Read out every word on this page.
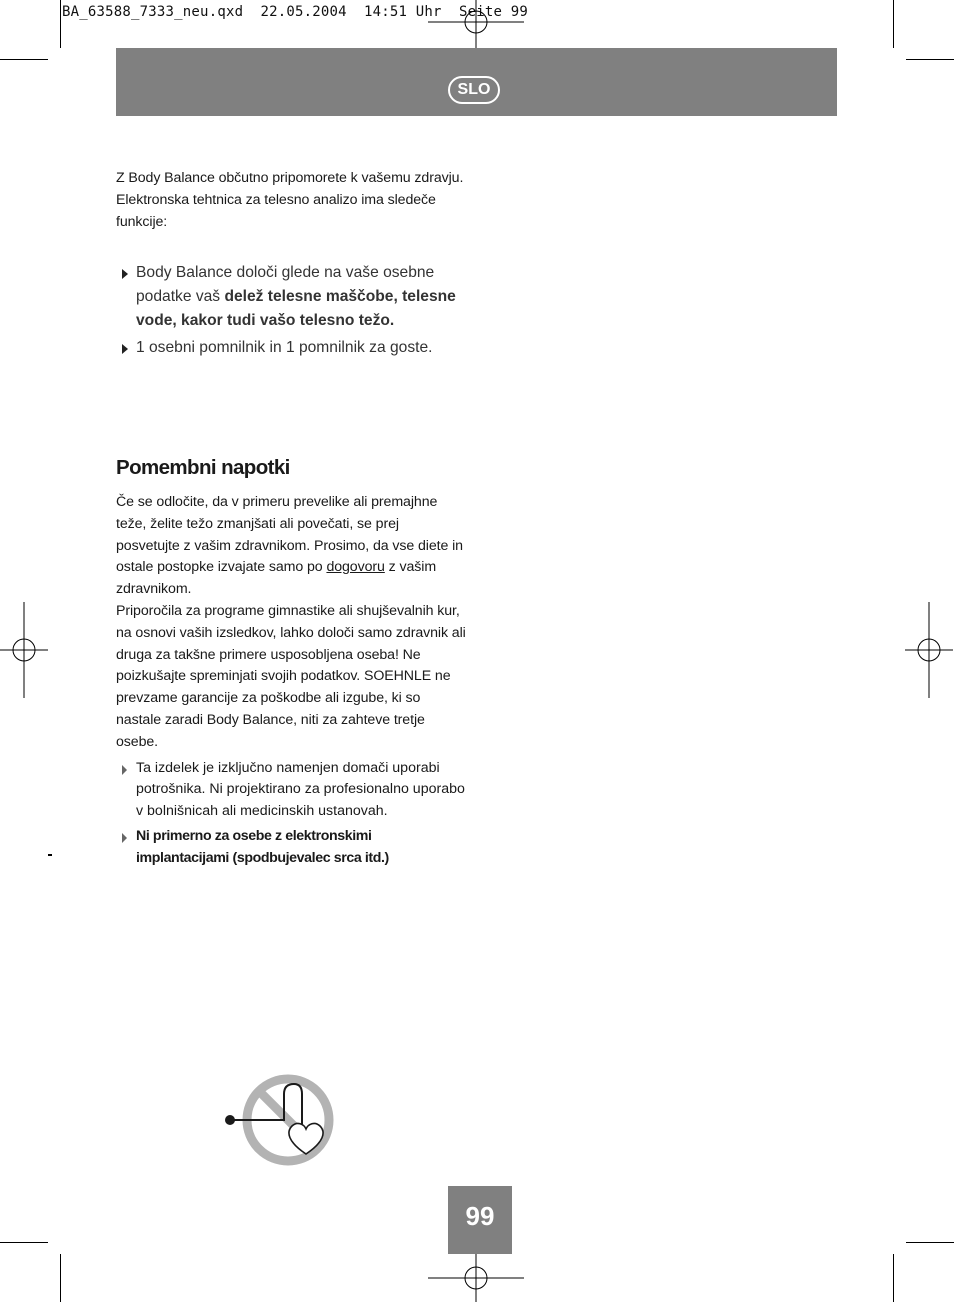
BA_63588_7333_neu.qxd 22.05.2004 14:51 Uhr Seite 99
SLO

Z Body Balance občutno pripomorete k vašemu zdravju. Elektronska tehtnica za telesno analizo ima sledeče funkcije:

Body Balance določi glede na vaše osebne podatke vaš delež telesne maščobe, telesne vode, kakor tudi vašo telesno težo.
1 osebni pomnilnik in 1 pomnilnik za goste.
Pomembni napotki

Če se odločite, da v primeru prevelike ali premajhne teže, želite težo zmanjšati ali povečati, se prej posvetujte z vašim zdravnikom. Prosimo, da vse diete in ostale postopke izvajate samo po dogovoru z vašim zdravnikom.

Priporočila za programe gimnastike ali shujševalnih kur, na osnovi vaših izsledkov, lahko določi samo zdravnik ali druga za takšne primere usposobljena oseba! Ne poizkušajte spreminjati svojih podatkov. SOEHNLE ne prevzame garancije za poškodbe ali izgube, ki so nastale zaradi Body Balance, niti za zahteve tretje osebe.

Ta izdelek je izključno namenjen domači uporabi potrošnika. Ni projektirano za profesionalno uporabo v bolnišnicah ali medicinskih ustanovah.
Ni primerno za osebe z elektronskimi implantacijami (spodbujevalec srca itd.)
99
